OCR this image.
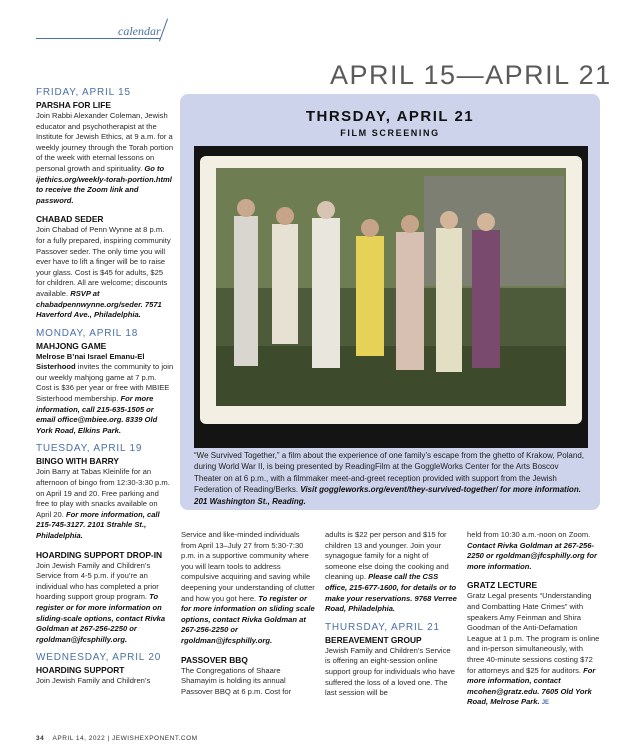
calendar
APRIL 15—APRIL 21
THRSDAY, APRIL 21
FILM SCREENING
“We Survived Together,” a film about the experience of one family’s escape from the ghetto of Krakow, Poland, during World War II, is being presented by ReadingFilm at the GoggleWorks Center for the Arts Boscov Theater on at 6 p.m., with a filmmaker meet-and-greet reception provided with support from the Jewish Federation of Reading/Berks. Visit goggleworks.org/event/they-survived-together/ for more information. 201 Washington St., Reading.
FRIDAY, APRIL 15
PARSHA FOR LIFE

Join Rabbi Alexander Coleman, Jewish educator and psychotherapist at the Institute for Jewish Ethics, at 9 a.m. for a weekly journey through the Torah portion of the week with eternal lessons on personal growth and spirituality. Go to ijethics.org/weekly-torah-portion.html to receive the Zoom link and password.

CHABAD SEDER

Join Chabad of Penn Wynne at 8 p.m. for a fully prepared, inspiring community Passover seder. The only time you will ever have to lift a finger will be to raise your glass. Cost is $45 for adults, $25 for children. All are welcome; discounts available. RSVP at chabadpennwynne.org/seder. 7571 Haverford Ave., Philadelphia.

MONDAY, APRIL 18
MAHJONG GAME

Melrose B’nai Israel Emanu-El Sisterhood invites the community to join our weekly mahjong game at 7 p.m. Cost is $36 per year or free with MBIEE Sisterhood membership. For more information, call 215-635-1505 or email office@mbiee.org. 8339 Old York Road, Elkins Park.

TUESDAY, APRIL 19
BINGO WITH BARRY

Join Barry at Tabas Kleinlife for an afternoon of bingo from 12:30-3:30 p.m. on April 19 and 20. Free parking and free to play with snacks available on April 20. For more information, call 215-745-3127. 2101 Strahle St., Philadelphia.

HOARDING SUPPORT DROP-IN

Join Jewish Family and Children’s Service from 4-5 p.m. if you’re an individual who has completed a prior hoarding support group program. To register or for more information on sliding-scale options, contact Rivka Goldman at 267-256-2250 or rgoldman@jfcsphilly.org.

WEDNESDAY, APRIL 20
HOARDING SUPPORT

Join Jewish Family and Children’s

Service and like-minded individuals from April 13–July 27 from 5:30-7:30 p.m. in a supportive community where you will learn tools to address compulsive acquiring and saving while deepening your understanding of clutter and how you got here. To register or for more information on sliding scale options, contact Rivka Goldman at 267-256-2250 or rgoldman@jfcsphilly.org.

PASSOVER BBQ

The Congregations of Shaare Shamayim is holding its annual Passover BBQ at 6 p.m. Cost for

adults is $22 per person and $15 for children 13 and younger. Join your synagogue family for a night of someone else doing the cooking and cleaning up. Please call the CSS office, 215-677-1600, for details or to make your reservations. 9768 Verree Road, Philadelphia.

THURSDAY, APRIL 21
BEREAVEMENT GROUP

Jewish Family and Children’s Service is offering an eight-session online support group for individuals who have suffered the loss of a loved one. The last session will be

held from 10:30 a.m.-noon on Zoom. Contact Rivka Goldman at 267-256-2250 or rgoldman@jfcsphilly.org for more information.

GRATZ LECTURE

Gratz Legal presents “Understanding and Combatting Hate Crimes” with speakers Amy Feinman and Shira Goodman of the Anti-Defamation League at 1 p.m. The program is online and in-person simultaneously, with three 40-minute sessions costing $72 for attorneys and $25 for auditors. For more information, contact mcohen@gratz.edu. 7605 Old York Road, Melrose Park. JE

34 APRIL 14, 2022 | JEWISHEXPONENT.COM
